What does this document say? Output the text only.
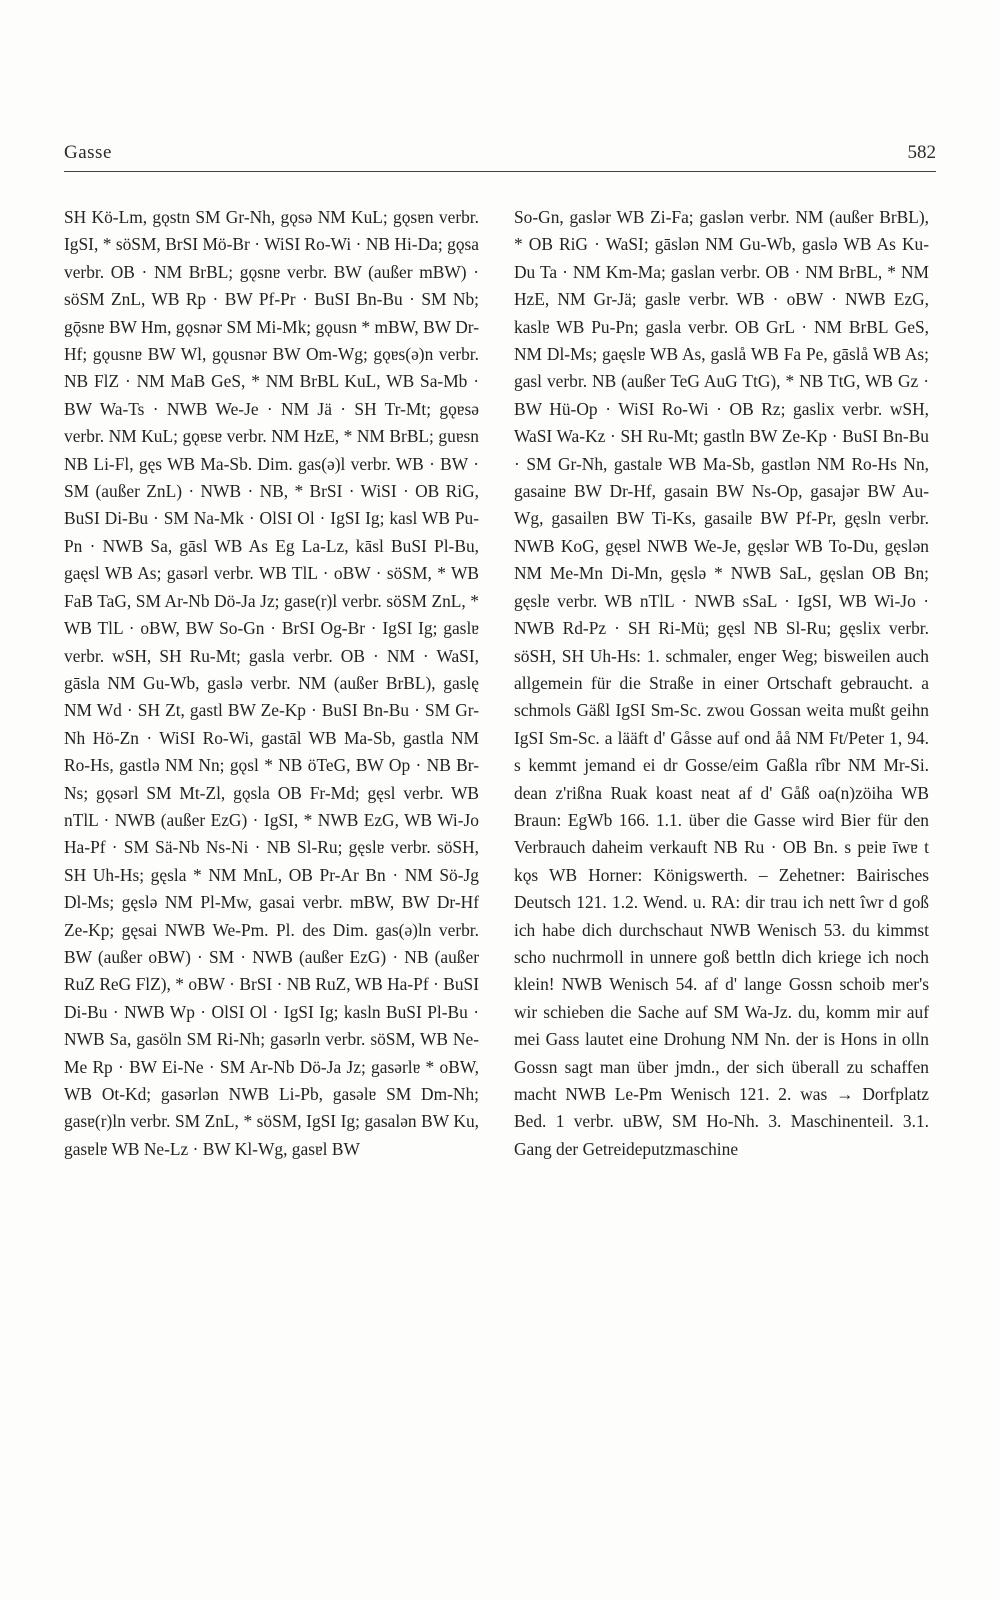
Gasse	582

SH Kö-Lm, gǫstn SM Gr-Nh, gǫsə NM KuL; gǫsɐn verbr. IgSI, * söSM, BrSI Mö-Br · WiSI Ro-Wi · NB Hi-Da; gǫsa verbr. OB · NM BrBL; gǫsnɐ verbr. BW (außer mBW) · söSM ZnL, WB Rp · BW Pf-Pr · BuSI Bn-Bu · SM Nb; gǭsnɐ BW Hm, gǫsnər SM Mi-Mk; gǫusn * mBW, BW Dr-Hf; gǫusnɐ BW Wl, gǫusnər BW Om-Wg; gǫɐs(ə)n verbr. NB FlZ · NM MaB GeS, * NM BrBL KuL, WB Sa-Mb · BW Wa-Ts · NWB We-Je · NM Jä · SH Tr-Mt; gǫɐsə verbr. NM KuL; gǫɐsɐ verbr. NM HzE, * NM BrBL; guɐsn NB Li-Fl, gęs WB Ma-Sb. Dim. gas(ə)l verbr. WB · BW · SM (außer ZnL) · NWB · NB, * BrSI · WiSI · OB RiG, BuSI Di-Bu · SM Na-Mk · OlSI Ol · IgSI Ig; kasl WB Pu-Pn · NWB Sa, gāsl WB As Eg La-Lz, kāsl BuSI Pl-Bu, gaęsl WB As; gasərl verbr. WB TlL · oBW · söSM, * WB FaB TaG, SM Ar-Nb Dö-Ja Jz; gasɐ(r)l verbr. söSM ZnL, * WB TlL · oBW, BW So-Gn · BrSI Og-Br · IgSI Ig; gaslɐ verbr. wSH, SH Ru-Mt; gasla verbr. OB · NM · WaSI, gāsla NM Gu-Wb, gaslə verbr. NM (außer BrBL), gaslę NM Wd · SH Zt, gastl BW Ze-Kp · BuSI Bn-Bu · SM Gr-Nh Hö-Zn · WiSI Ro-Wi, gastāl WB Ma-Sb, gastla NM Ro-Hs, gastlə NM Nn; gǫsl * NB öTeG, BW Op · NB Br-Ns; gǫsərl SM Mt-Zl, gǫsla OB Fr-Md; gęsl verbr. WB nTlL · NWB (außer EzG) · IgSI, * NWB EzG, WB Wi-Jo Ha-Pf · SM Sä-Nb Ns-Ni · NB Sl-Ru; gęslɐ verbr. söSH, SH Uh-Hs; gęsla * NM MnL, OB Pr-Ar Bn · NM Sö-Jg Dl-Ms; gęslə NM Pl-Mw, gasai verbr. mBW, BW Dr-Hf Ze-Kp; gęsai NWB We-Pm. Pl. des Dim. gas(ə)ln verbr. BW (außer oBW) · SM · NWB (außer EzG) · NB (außer RuZ ReG FlZ), * oBW · BrSI · NB RuZ, WB Ha-Pf · BuSI Di-Bu · NWB Wp · OlSI Ol · IgSI Ig; kasln BuSI Pl-Bu · NWB Sa, gasöln SM Ri-Nh; gasərln verbr. söSM, WB Ne-Me Rp · BW Ei-Ne · SM Ar-Nb Dö-Ja Jz; gasərlɐ * oBW, WB Ot-Kd; gasərlən NWB Li-Pb, gasəlɐ SM Dm-Nh; gasɐ(r)ln verbr. SM ZnL, * söSM, IgSI Ig; gasalən BW Ku, gasɐlɐ WB Ne-Lz · BW Kl-Wg, gasɐl BW

So-Gn, gaslər WB Zi-Fa; gaslən verbr. NM (außer BrBL), * OB RiG · WaSI; gāslən NM Gu-Wb, gaslə WB As Ku-Du Ta · NM Km-Ma; gaslan verbr. OB · NM BrBL, * NM HzE, NM Gr-Jä; gaslɐ verbr. WB · oBW · NWB EzG, kaslɐ WB Pu-Pn; gasla verbr. OB GrL · NM BrBL GeS, NM Dl-Ms; gaęslɐ WB As, gaslå WB Fa Pe, gāslå WB As; gasl verbr. NB (außer TeG AuG TtG), * NB TtG, WB Gz · BW Hü-Op · WiSI Ro-Wi · OB Rz; gaslix verbr. wSH, WaSI Wa-Kz · SH Ru-Mt; gastln BW Ze-Kp · BuSI Bn-Bu · SM Gr-Nh, gastalɐ WB Ma-Sb, gastlən NM Ro-Hs Nn, gasainɐ BW Dr-Hf, gasain BW Ns-Op, gasajər BW Au-Wg, gasailɐn BW Ti-Ks, gasailɐ BW Pf-Pr, gęsln verbr. NWB KoG, gęsɐl NWB We-Je, gęslər WB To-Du, gęslən NM Me-Mn Di-Mn, gęslə * NWB SaL, gęslan OB Bn; gęslɐ verbr. WB nTlL · NWB sSaL · IgSI, WB Wi-Jo · NWB Rd-Pz · SH Ri-Mü; gęsl NB Sl-Ru; gęslix verbr. söSH, SH Uh-Hs: 1. schmaler, enger Weg; bisweilen auch allgemein für die Straße in einer Ortschaft gebraucht. a schmols Gäßl IgSI Sm-Sc. zwou Gossan weita mußt geihn IgSI Sm-Sc. a lääft d' Gåsse auf ond åå NM Ft/Peter 1, 94. s kemmt jemand ei dr Gosse/eim Gaßla rîbr NM Mr-Si. dean z'rißna Ruak koast neat af d' Gåß oa(n)zöiha WB Braun: EgWb 166. 1.1. über die Gasse wird Bier für den Verbrauch daheim verkauft NB Ru · OB Bn. s pɐiɐ īwɐ t kǫs WB Horner: Königswerth. – Zehetner: Bairisches Deutsch 121. 1.2. Wend. u. RA: dir trau ich nett îwr d goß ich habe dich durchschaut NWB Wenisch 53. du kimmst scho nuchrmoll in unnere goß bettln dich kriege ich noch klein! NWB Wenisch 54. af d' lange Gossn schoib mer's wir schieben die Sache auf SM Wa-Jz. du, komm mir auf mei Gass lautet eine Drohung NM Nn. der is Hons in olln Gossn sagt man über jmdn., der sich überall zu schaffen macht NWB Le-Pm Wenisch 121. 2. was → Dorfplatz Bed. 1 verbr. uBW, SM Ho-Nh. 3. Maschinenteil. 3.1. Gang der Getreideputzmaschine
